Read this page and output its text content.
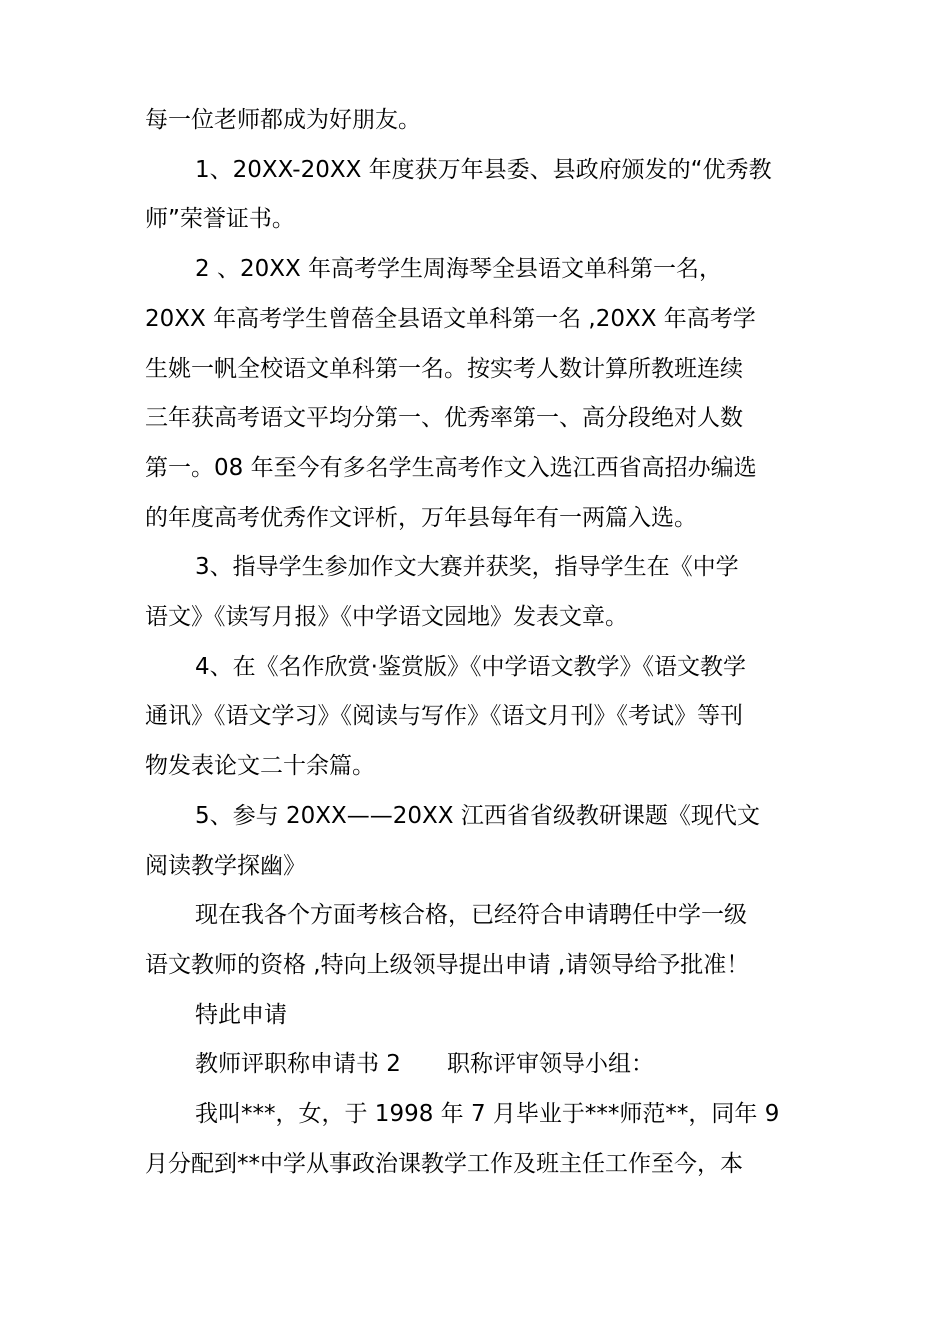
每一位老师都成为好朋友。
1、20XX-20XX 年度获万年县委、县政府颁发的“优秀教
师”荣誉证书。
2 、20XX 年高考学生周海琴全县语文单科第一名，
20XX 年高考学生曾蓓全县语文单科第一名 ,20XX 年高考学
生姚一帆全校语文单科第一名。按实考人数计算所教班连续
三年获高考语文平均分第一、优秀率第一、高分段绝对人数
第一。08 年至今有多名学生高考作文入选江西省高招办编选
的年度高考优秀作文评析，万年县每年有一两篇入选。
3、指导学生参加作文大赛并获奖，指导学生在《中学
语文》《读写月报》《中学语文园地》发表文章。
4、在《名作欣赏·鉴赏版》《中学语文教学》《语文教学
通讯》《语文学习》《阅读与写作》《语文月刊》《考试》等刊
物发表论文二十余篇。
5、参与 20XX——20XX 江西省省级教研课题《现代文
阅读教学探幽》
现在我各个方面考核合格，已经符合申请聘任中学一级
语文教师的资格 ,特向上级领导提出申请 ,请领导给予批准！
特此申请
教师评职称申请书 2　　职称评审领导小组：
我叫***，女，于 1998 年 7 月毕业于***师范**，同年 9
月分配到**中学从事政治课教学工作及班主任工作至今，本
